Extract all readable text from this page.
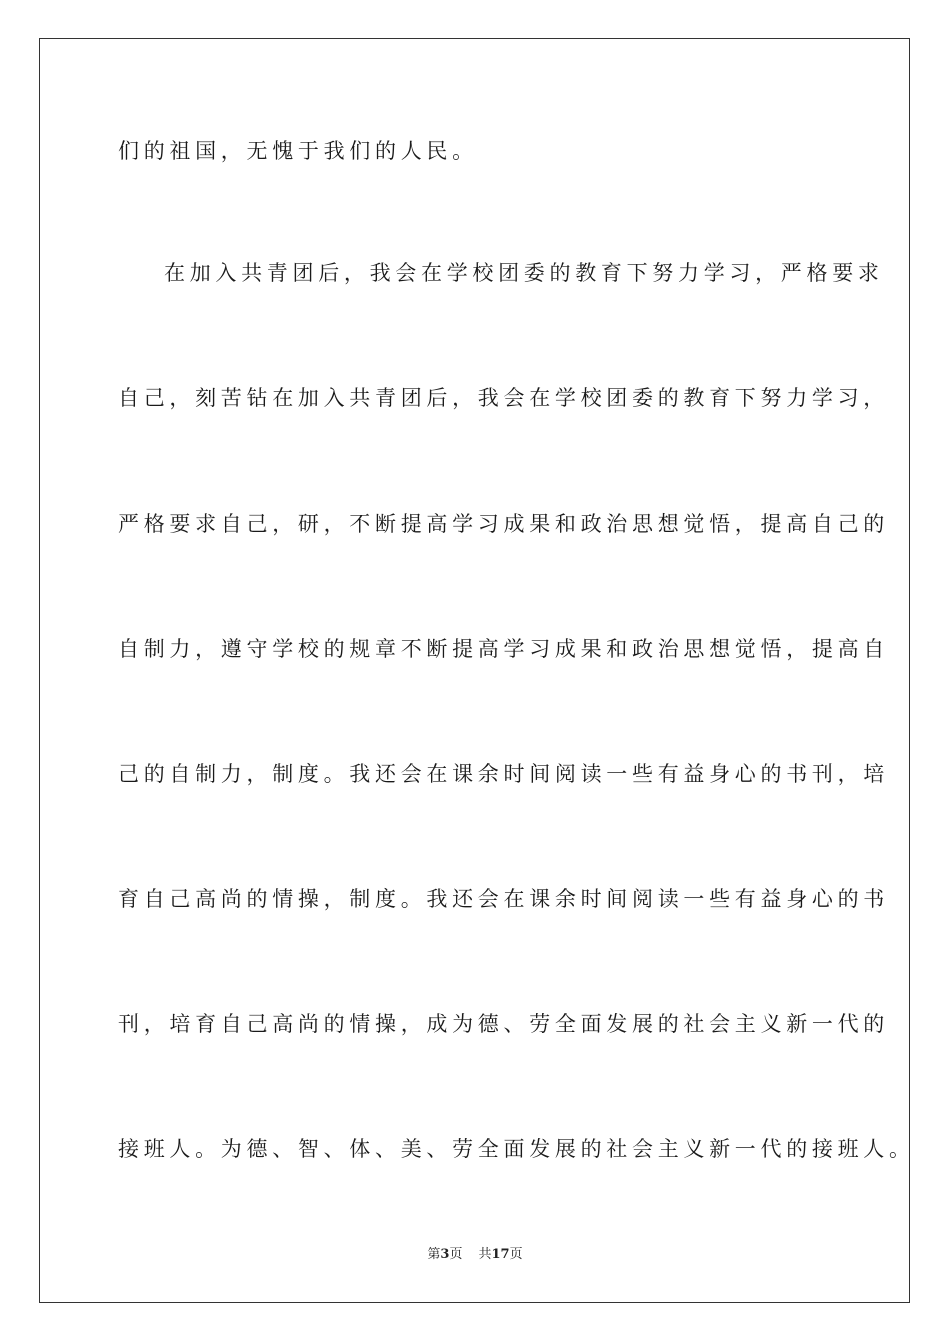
们的祖国，无愧于我们的人民。
在加入共青团后，我会在学校团委的教育下努力学习，严格要求
自己，刻苦钻在加入共青团后，我会在学校团委的教育下努力学习，
严格要求自己，研，不断提高学习成果和政治思想觉悟，提高自己的
自制力，遵守学校的规章不断提高学习成果和政治思想觉悟，提高自
己的自制力，制度。我还会在课余时间阅读一些有益身心的书刊，培
育自己高尚的情操，制度。我还会在课余时间阅读一些有益身心的书
刊，培育自己高尚的情操，成为德、劳全面发展的社会主义新一代的
接班人。为德、智、体、美、劳全面发展的社会主义新一代的接班人。
第3页 共17页
